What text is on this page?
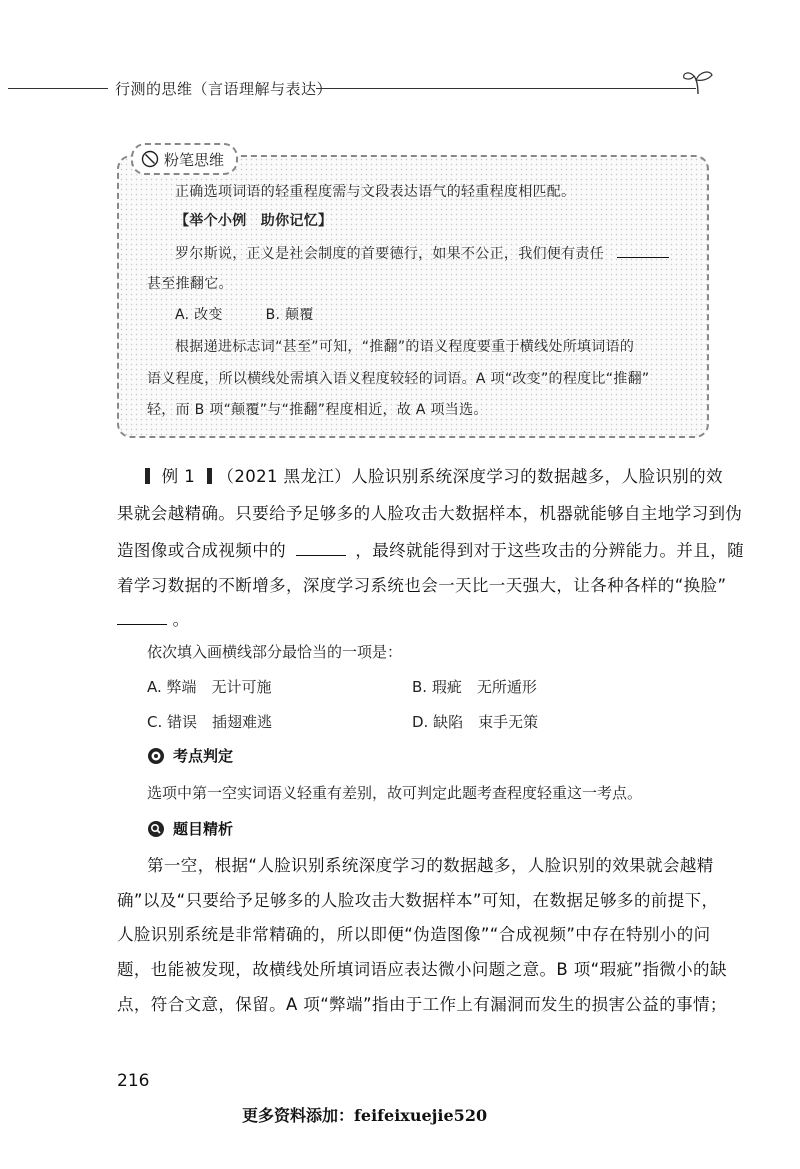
行测的思维（言语理解与表达）
粉笔思维
正确选项词语的轻重程度需与文段表达语气的轻重程度相匹配。
【举个小例　助你记忆】
罗尔斯说，正义是社会制度的首要德行，如果不公正，我们便有责任
甚至推翻它。
A. 改变　　　B. 颠覆
根据递进标志词“甚至”可知，“推翻”的语义程度要重于横线处所填词语的
语义程度，所以横线处需填入语义程度较轻的词语。A 项“改变”的程度比“推翻”
轻，而 B 项“颠覆”与“推翻”程度相近，故 A 项当选。
例 1 （2021 黑龙江）人脸识别系统深度学习的数据越多，人脸识别的效
果就会越精确。只要给予足够多的人脸攻击大数据样本，机器就能够自主地学习到伪
造图像或合成视频中的	，最终就能得到对于这些攻击的分辨能力。并且，随
着学习数据的不断增多，深度学习系统也会一天比一天强大，让各种各样的“换脸”
。
依次填入画横线部分最恰当的一项是：
A. 弊端　无计可施	B. 瑕疵　无所遁形
C. 错误　插翅难逃	D. 缺陷　束手无策
考点判定
选项中第一空实词语义轻重有差别，故可判定此题考查程度轻重这一考点。
题目精析
第一空，根据“人脸识别系统深度学习的数据越多，人脸识别的效果就会越精
确”以及“只要给予足够多的人脸攻击大数据样本”可知，在数据足够多的前提下，
人脸识别系统是非常精确的，所以即便“伪造图像”“合成视频”中存在特别小的问
题，也能被发现，故横线处所填词语应表达微小问题之意。B 项“瑕疵”指微小的缺
点，符合文意，保留。A 项“弊端”指由于工作上有漏洞而发生的损害公益的事情；
216
更多资料添加：feifeixuejie520
